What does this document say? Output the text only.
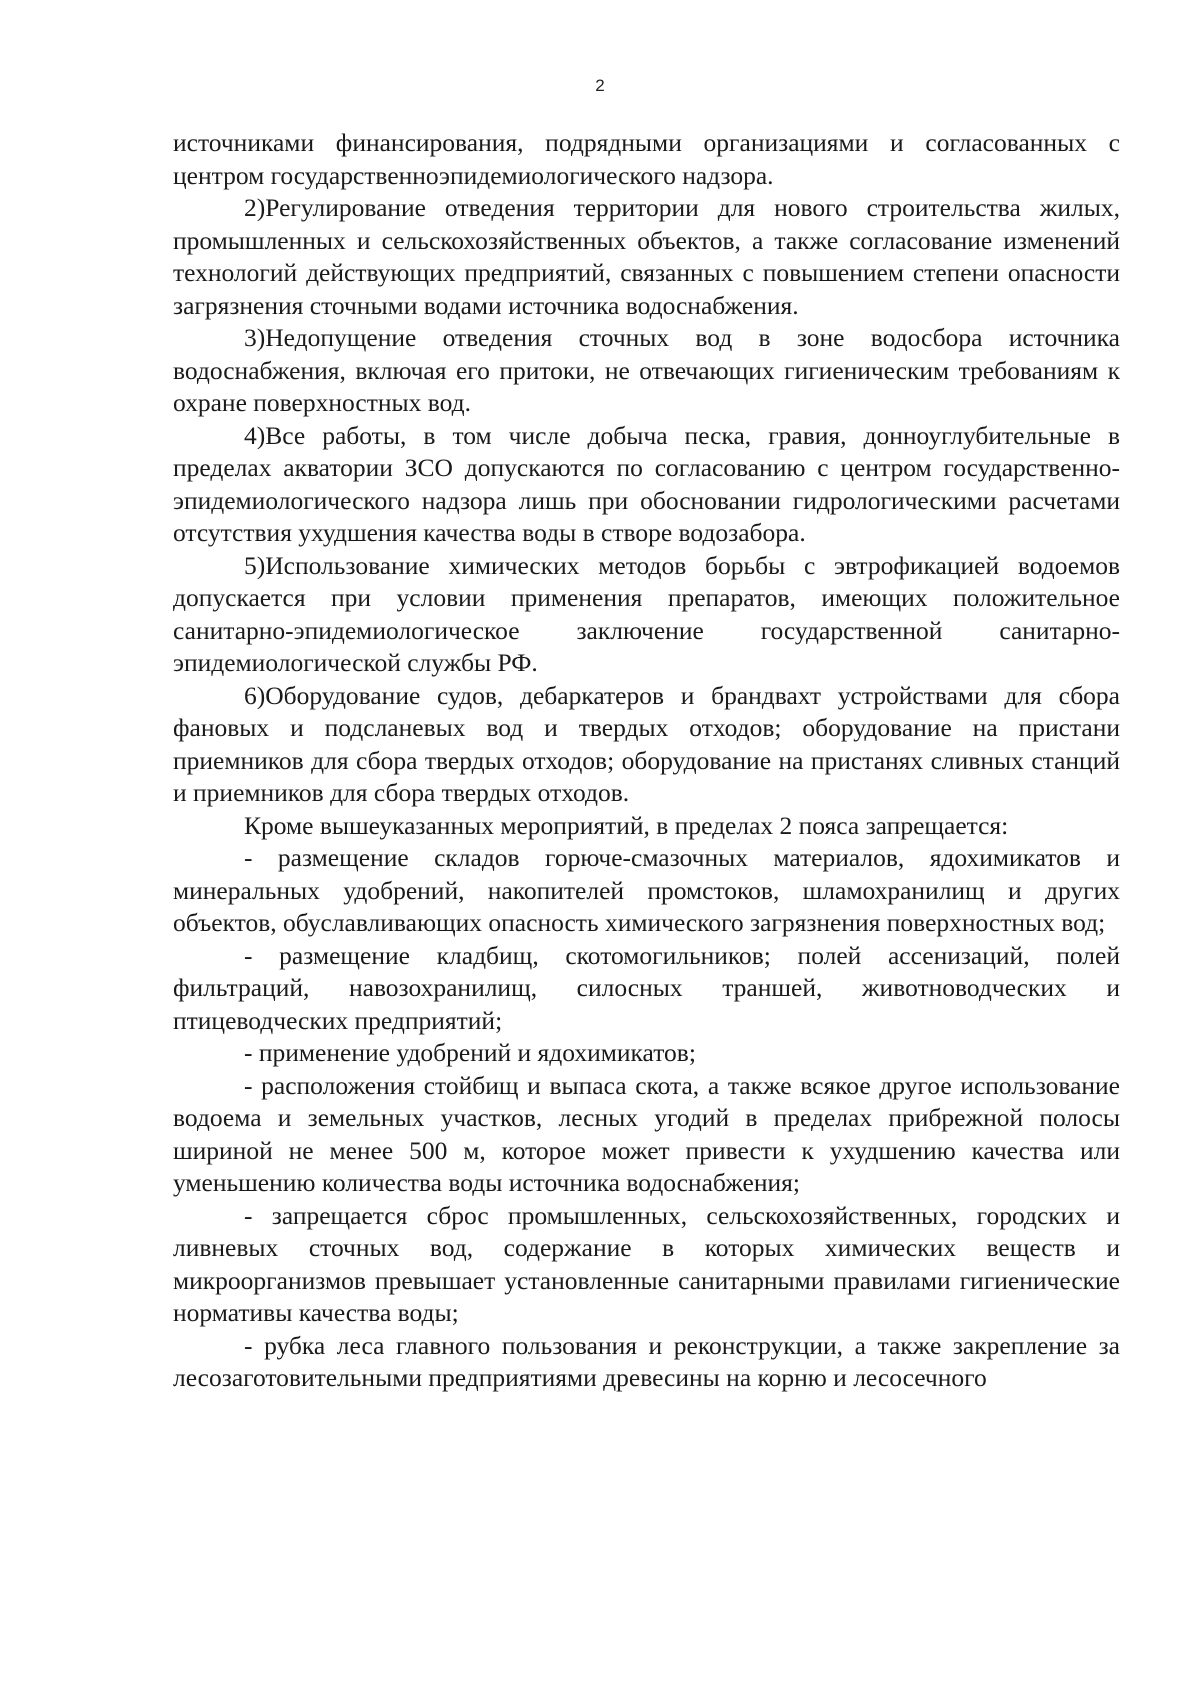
2

источниками финансирования, подрядными организациями и согласованных с центром государственноэпидемиологического надзора.

2)Регулирование отведения территории для нового строительства жилых, промышленных и сельскохозяйственных объектов, а также согласование изменений технологий действующих предприятий, связанных с повышением степени опасности загрязнения сточными водами источника водоснабжения.

3)Недопущение отведения сточных вод в зоне водосбора источника водоснабжения, включая его притоки, не отвечающих гигиеническим требованиям к охране поверхностных вод.

4)Все работы, в том числе добыча песка, гравия, донноуглубительные в пределах акватории ЗСО допускаются по согласованию с центром государственно-эпидемиологического надзора лишь при обосновании гидрологическими расчетами отсутствия ухудшения качества воды в створе водозабора.

5)Использование химических методов борьбы с эвтрофикацией водоемов допускается при условии применения препаратов, имеющих положительное санитарно-эпидемиологическое заключение государственной санитарно-эпидемиологической службы РФ.

6)Оборудование судов, дебаркатеров и брандвахт устройствами для сбора фановых и подсланевых вод и твердых отходов; оборудование на пристани приемников для сбора твердых отходов; оборудование на пристанях сливных станций и приемников для сбора твердых отходов.

Кроме вышеуказанных мероприятий, в пределах 2 пояса запрещается:

- размещение складов горюче-смазочных материалов, ядохимикатов и минеральных удобрений, накопителей промстоков, шламохранилищ и других объектов, обуславливающих опасность химического загрязнения поверхностных вод;

- размещение кладбищ, скотомогильников; полей ассенизаций, полей фильтраций, навозохранилищ, силосных траншей, животноводческих и птицеводческих предприятий;

- применение удобрений и ядохимикатов;

- расположения стойбищ и выпаса скота, а также всякое другое использование водоема и земельных участков, лесных угодий в пределах прибрежной полосы шириной не менее 500 м, которое может привести к ухудшению качества или уменьшению количества воды источника водоснабжения;

- запрещается сброс промышленных, сельскохозяйственных, городских и ливневых сточных вод, содержание в которых химических веществ и микроорганизмов превышает установленные санитарными правилами гигиенические нормативы качества воды;

- рубка леса главного пользования и реконструкции, а также закрепление за лесозаготовительными предприятиями древесины на корню и лесосечного
